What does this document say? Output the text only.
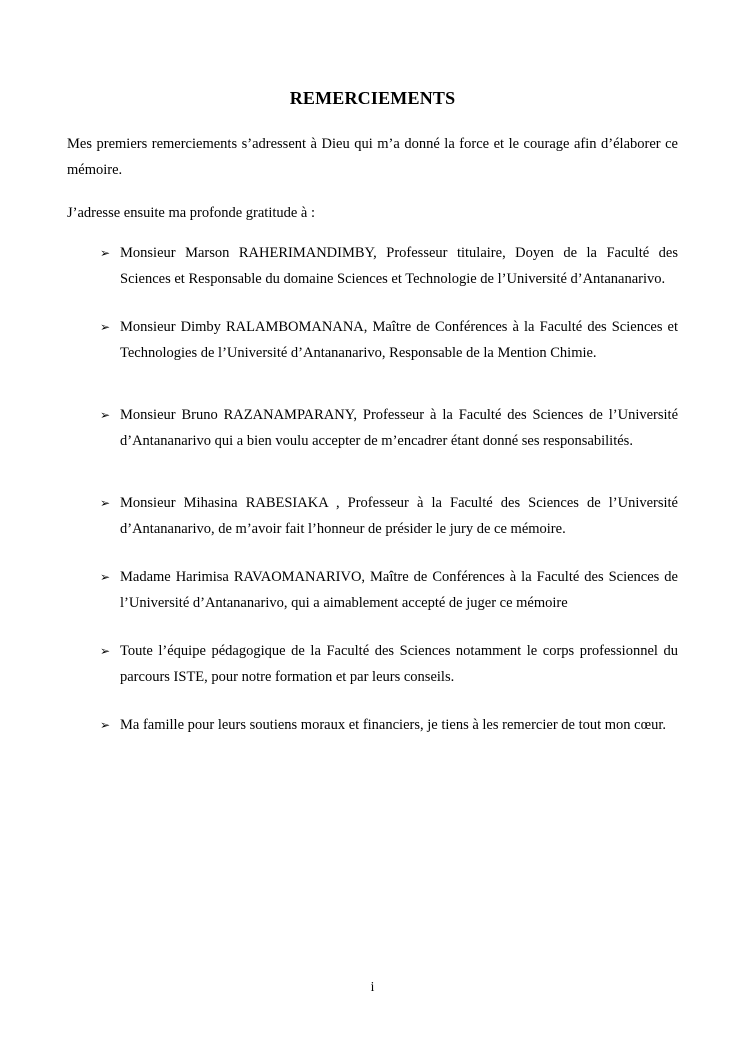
REMERCIEMENTS

Mes premiers remerciements s’adressent à Dieu qui m’a donné la force et le courage afin d’élaborer ce mémoire.

J’adresse ensuite ma profonde gratitude à :

➢ Monsieur Marson RAHERIMANDIMBY, Professeur titulaire, Doyen de la Faculté des Sciences et Responsable du domaine Sciences et Technologie de l’Université d’Antananarivo.
➢ Monsieur Dimby RALAMBOMANANA, Maître de Conférences à la Faculté des Sciences et Technologies de l’Université d’Antananarivo, Responsable de la Mention Chimie.
➢ Monsieur Bruno RAZANAMPARANY, Professeur à la Faculté des Sciences de l’Université d’Antananarivo qui a bien voulu accepter de m’encadrer étant donné ses responsabilités.
➢ Monsieur Mihasina RABESIAKA , Professeur à la Faculté des Sciences de l’Université d’Antananarivo, de m’avoir fait l’honneur de présider le jury de ce mémoire.
➢ Madame Harimisa RAVAOMANARIVO, Maître de Conférences à la Faculté des Sciences de l’Université d’Antananarivo, qui a aimablement accepté de juger ce mémoire
➢ Toute l’équipe pédagogique de la Faculté des Sciences notamment le corps professionnel du parcours ISTE, pour notre formation et par leurs conseils.
➢ Ma famille pour leurs soutiens moraux et financiers, je tiens à les remercier de tout mon cœur.
i
